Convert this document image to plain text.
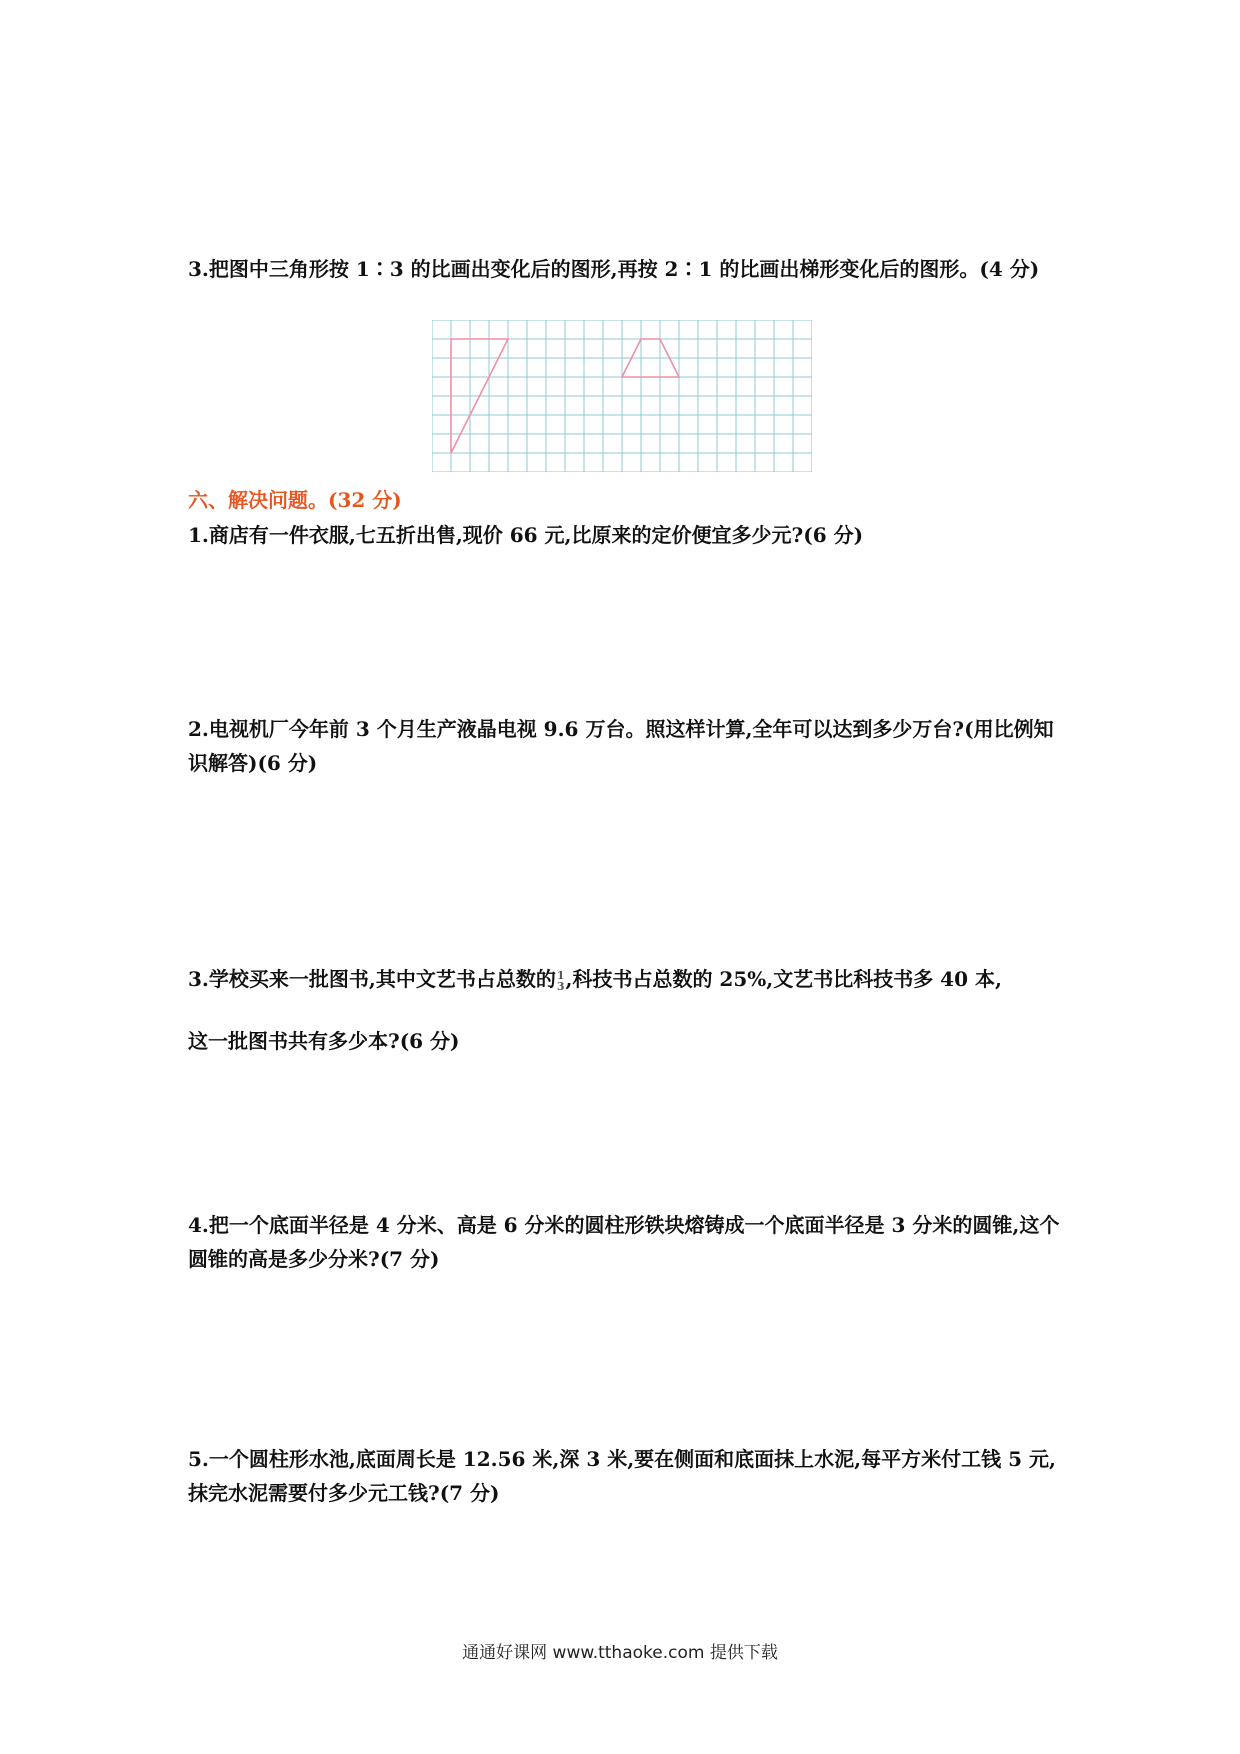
3.把图中三角形按 1∶3 的比画出变化后的图形,再按 2∶1 的比画出梯形变化后的图形。(4 分)
六、解决问题。(32 分)
1.商店有一件衣服,七五折出售,现价 66 元,比原来的定价便宜多少元?(6 分)
2.电视机厂今年前 3 个月生产液晶电视 9.6 万台。照这样计算,全年可以达到多少万台?(用比例知识解答)(6 分)
3.学校买来一批图书,其中文艺书占总数的 1
3 ,科技书占总数的 25%,文艺书比科技书多 40 本,
这一批图书共有多少本?(6 分)
4.把一个底面半径是 4 分米、高是 6 分米的圆柱形铁块熔铸成一个底面半径是 3 分米的圆锥,这个圆锥的高是多少分米?(7 分)
5.一个圆柱形水池,底面周长是 12.56 米,深 3 米,要在侧面和底面抹上水泥,每平方米付工钱 5 元,抹完水泥需要付多少元工钱?(7 分)
通通好课网 www.tthaoke.com 提供下载
